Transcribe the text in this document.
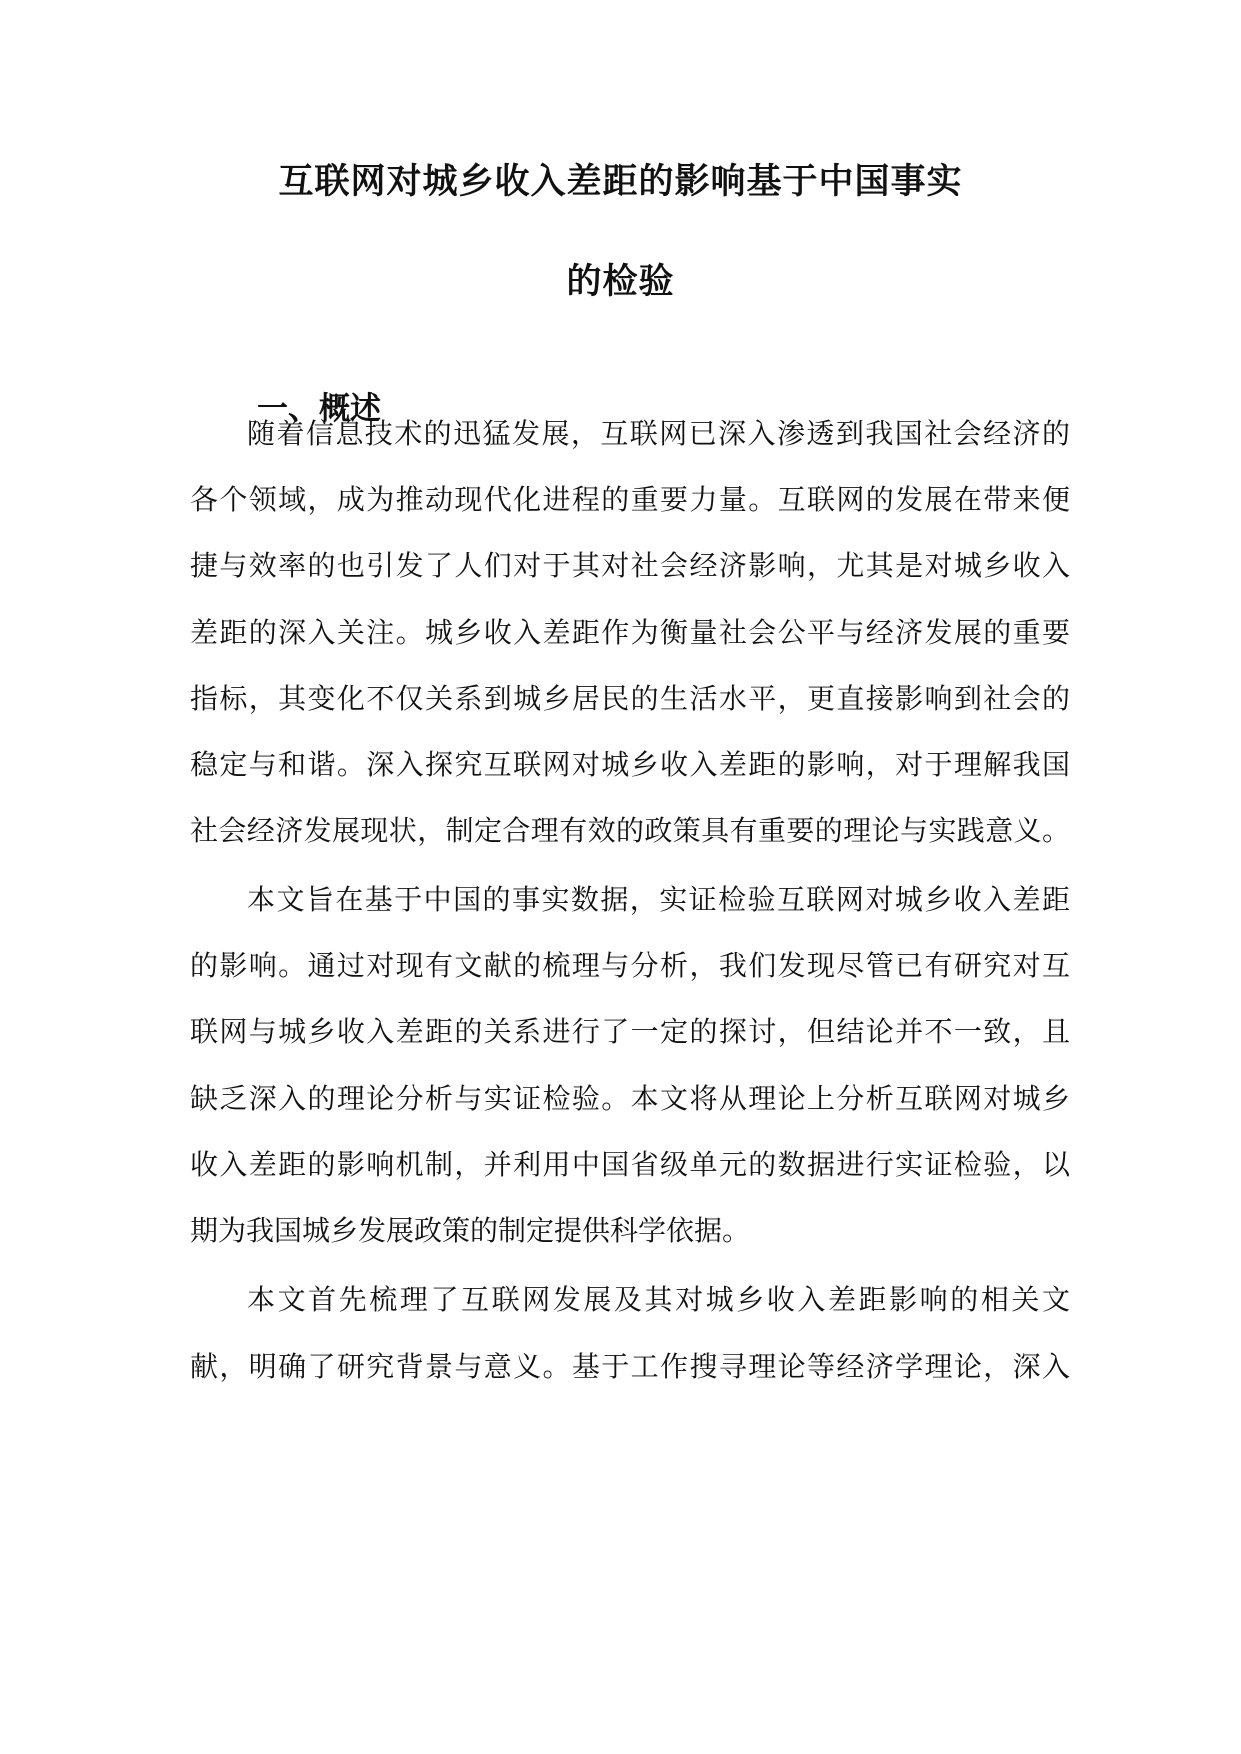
互联网对城乡收入差距的影响基于中国事实
的检验
一、概述
随着信息技术的迅猛发展，互联网已深入渗透到我国社会经济的
各个领域，成为推动现代化进程的重要力量。互联网的发展在带来便
捷与效率的也引发了人们对于其对社会经济影响，尤其是对城乡收入
差距的深入关注。城乡收入差距作为衡量社会公平与经济发展的重要
指标，其变化不仅关系到城乡居民的生活水平，更直接影响到社会的
稳定与和谐。深入探究互联网对城乡收入差距的影响，对于理解我国
社会经济发展现状，制定合理有效的政策具有重要的理论与实践意义。
本文旨在基于中国的事实数据，实证检验互联网对城乡收入差距
的影响。通过对现有文献的梳理与分析，我们发现尽管已有研究对互
联网与城乡收入差距的关系进行了一定的探讨，但结论并不一致，且
缺乏深入的理论分析与实证检验。本文将从理论上分析互联网对城乡
收入差距的影响机制，并利用中国省级单元的数据进行实证检验，以
期为我国城乡发展政策的制定提供科学依据。
本文首先梳理了互联网发展及其对城乡收入差距影响的相关文
献，明确了研究背景与意义。基于工作搜寻理论等经济学理论，深入
